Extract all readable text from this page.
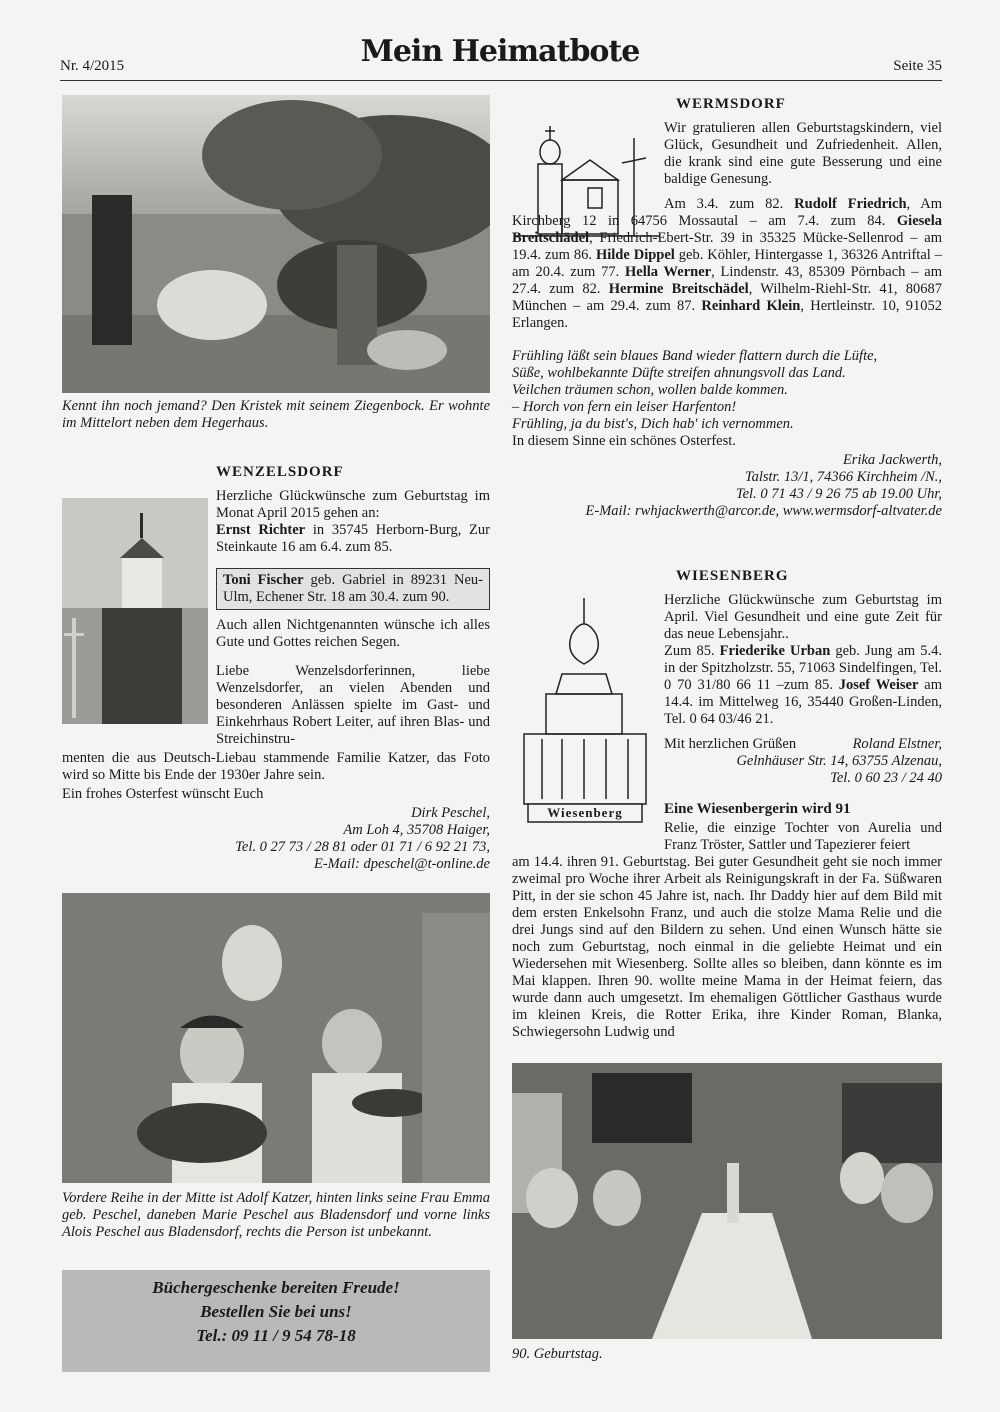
Nr. 4/2015	Mein Heimatbote	Seite 35
Kennt ihn noch jemand? Den Kristek mit seinem Ziegenbock. Er wohnte im Mittelort neben dem Hegerhaus.
WENZELSDORF
Herzliche Glückwünsche zum Geburtstag im Monat April 2015 gehen an:
Ernst Richter in 35745 Herborn-Burg, Zur Steinkaute 16 am 6.4. zum 85.
Toni Fischer geb. Gabriel in 89231 Neu-Ulm, Echener Str. 18 am 30.4. zum 90.
Auch allen Nichtgenannten wünsche ich alles Gute und Gottes reichen Segen.
Liebe Wenzelsdorferinnen, liebe Wenzelsdorfer, an vielen Abenden und besonderen Anlässen spielte im Gast- und Einkehrhaus Robert Leiter, auf ihren Blas- und Streichinstru-
menten die aus Deutsch-Liebau stammende Familie Katzer, das Foto wird so Mitte bis Ende der 1930er Jahre sein.
Ein frohes Osterfest wünscht Euch
Dirk Peschel,
Am Loh 4, 35708 Haiger,
Tel. 0 27 73 / 28 81 oder 01 71 / 6 92 21 73,
E-Mail: dpeschel@t-online.de
Vordere Reihe in der Mitte ist Adolf Katzer, hinten links seine Frau Emma geb. Peschel, daneben Marie Peschel aus Bladensdorf und vorne links Alois Peschel aus Bladensdorf, rechts die Person ist unbekannt.
Büchergeschenke bereiten Freude!
Bestellen Sie bei uns!
Tel.: 09 11 / 9 54 78-18
WERMSDORF
Wir gratulieren allen Geburtstagskindern, viel Glück, Gesundheit und Zufriedenheit. Allen, die krank sind eine gute Besserung und eine baldige Genesung.
Am 3.4. zum 82. Rudolf Friedrich, Am Kirchberg 12 in 64756 Mossautal – am 7.4. zum 84. Giesela Breitschädel, Friedrich-Ebert-Str. 39 in 35325 Mücke-Sellenrod – am 19.4. zum 86. Hilde Dippel geb. Köhler, Hintergasse 1, 36326 Antriftal – am 20.4. zum 77. Hella Werner, Lindenstr. 43, 85309 Pörnbach – am 27.4. zum 82. Hermine Breitschädel, Wilhelm-Riehl-Str. 41, 80687 München – am 29.4. zum 87. Reinhard Klein, Hertleinstr. 10, 91052 Erlangen.
Frühling läßt sein blaues Band wieder flattern durch die Lüfte,
Süße, wohlbekannte Düfte streifen ahnungsvoll das Land.
Veilchen träumen schon, wollen balde kommen.
– Horch von fern ein leiser Harfenton!
Frühling, ja du bist's, Dich hab' ich vernommen.
In diesem Sinne ein schönes Osterfest.
Erika Jackwerth,
Talstr. 13/1, 74366 Kirchheim /N.,
Tel. 0 71 43 / 9 26 75 ab 19.00 Uhr,
E-Mail: rwhjackwerth@arcor.de, www.wermsdorf-altvater.de
WIESENBERG
Wiesenberg
Herzliche Glückwünsche zum Geburtstag im April. Viel Gesundheit und eine gute Zeit für das neue Lebensjahr..
Zum 85. Friederike Urban geb. Jung am 5.4. in der Spitzholzstr. 55, 71063 Sindelfingen, Tel. 0 70 31/80 66 11 –zum 85. Josef Weiser am 14.4. im Mittelweg 16, 35440 Großen-Linden, Tel. 0 64 03/46 21.
Mit herzlichen Grüßen	Roland Elstner,
Gelnhäuser Str. 14, 63755 Alzenau,
Tel. 0 60 23 / 24 40
Eine Wiesenbergerin wird 91
Relie, die einzige Tochter von Aurelia und Franz Tröster, Sattler und Tapezierer feiert
am 14.4. ihren 91. Geburtstag. Bei guter Gesundheit geht sie noch immer zweimal pro Woche ihrer Arbeit als Reinigungskraft in der Fa. Süßwaren Pitt, in der sie schon 45 Jahre ist, nach. Ihr Daddy hier auf dem Bild mit dem ersten Enkelsohn Franz, und auch die stolze Mama Relie und die drei Jungs sind auf den Bildern zu sehen. Und einen Wunsch hätte sie noch zum Geburtstag, noch einmal in die geliebte Heimat und ein Wiedersehen mit Wiesenberg. Sollte alles so bleiben, dann könnte es im Mai klappen. Ihren 90. wollte meine Mama in der Heimat feiern, das wurde dann auch umgesetzt. Im ehemaligen Göttlicher Gasthaus wurde im kleinen Kreis, die Rotter Erika, ihre Kinder Roman, Blanka, Schwiegersohn Ludwig und
90. Geburtstag.
